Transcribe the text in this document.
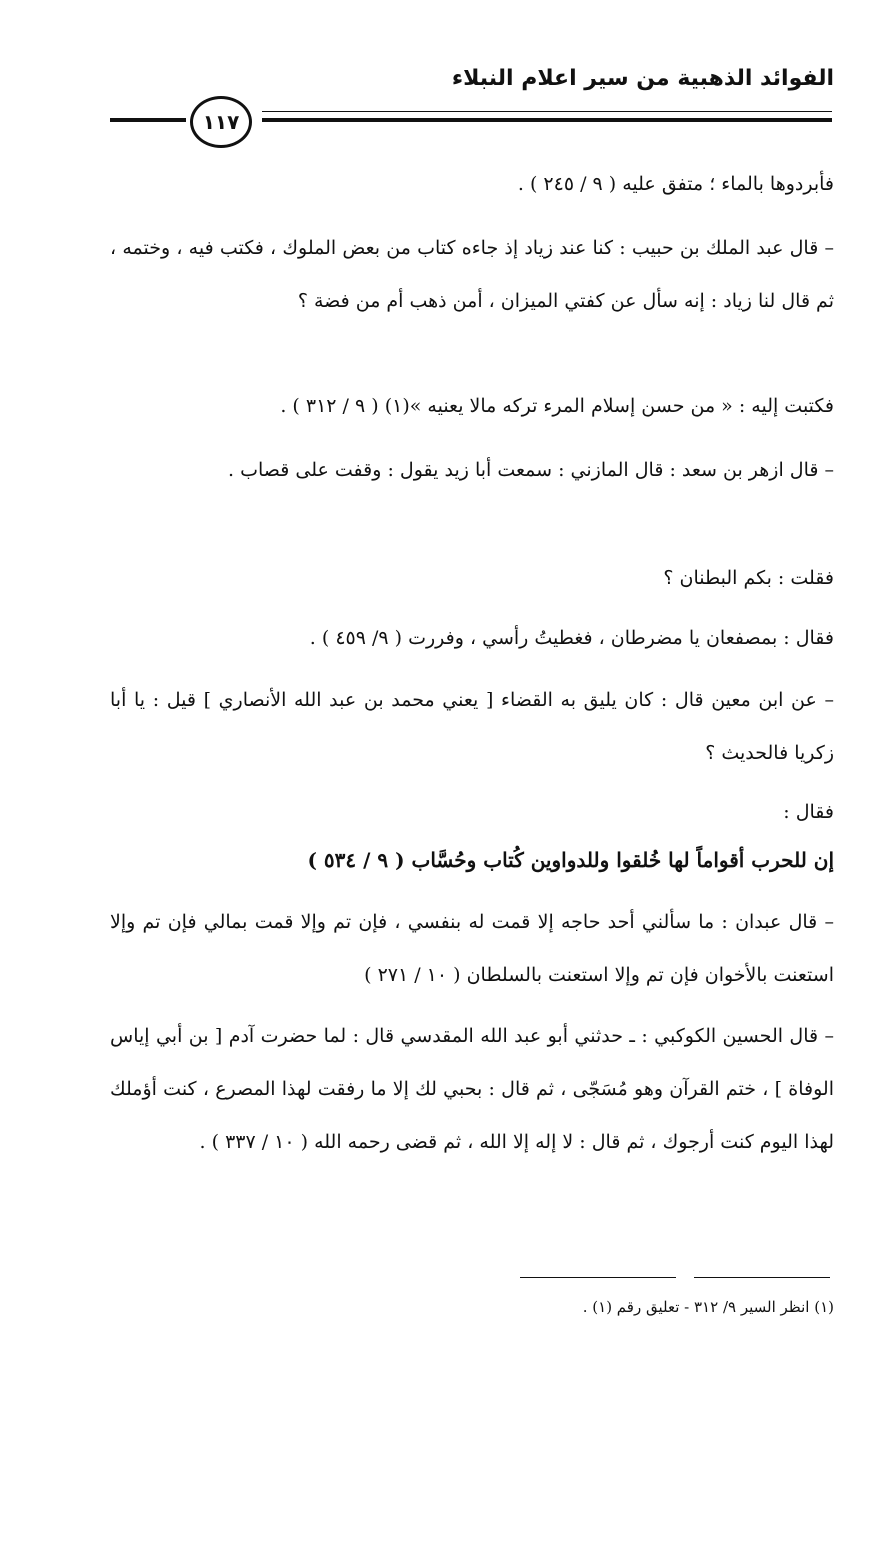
الفوائد الذهبية من سير اعلام النبلاء
١١٧
فأبردوها بالماء ؛ متفق عليه ( ٩ / ٢٤٥ ) .
– قال عبد الملك بن حبيب : كنا عند زياد إذ جاءه كتاب من بعض الملوك ، فكتب فيه ، وختمه ، ثم قال لنا زياد : إنه سأل عن كفتي الميزان ، أمن ذهب أم من فضة ؟
فكتبت إليه : « من حسن إسلام المرء تركه مالا يعنيه »(١) ( ٩ / ٣١٢ ) .
– قال ازهر بن سعد : قال المازني : سمعت أبا زيد يقول : وقفت على قصاب .
فقلت : بكم البطنان ؟
فقال : بمصفعان يا مضرطان ، فغطيتُ رأسي ، وفررت ( ٩/ ٤٥٩ ) .
– عن ابن معين قال : كان يليق به القضاء [ يعني محمد بن عبد الله الأنصاري ] قيل : يا أبا زكريا فالحديث ؟
فقال :
إن للحرب أقواماً لها خُلقوا وللدواوين كُتاب وحُسَّاب ( ٩ / ٥٣٤ )
– قال عبدان : ما سألني أحد حاجه إلا قمت له بنفسي ، فإن تم وإلا قمت بمالي فإن تم وإلا استعنت بالأخوان فإن تم وإلا استعنت بالسلطان ( ١٠ / ٢٧١ )
– قال الحسين الكوكبي : ـ حدثني أبو عبد الله المقدسي قال : لما حضرت آدم [ بن أبي إياس الوفاة ] ، ختم القرآن وهو مُسَجّى ، ثم قال : بحبي لك إلا ما رفقت لهذا المصرع ، كنت أؤملك لهذا اليوم كنت أرجوك ، ثم قال : لا إله إلا الله ، ثم قضى رحمه الله ( ١٠ / ٣٣٧ ) .
(١) انظر السير ٩/ ٣١٢ - تعليق رقم (١) .
